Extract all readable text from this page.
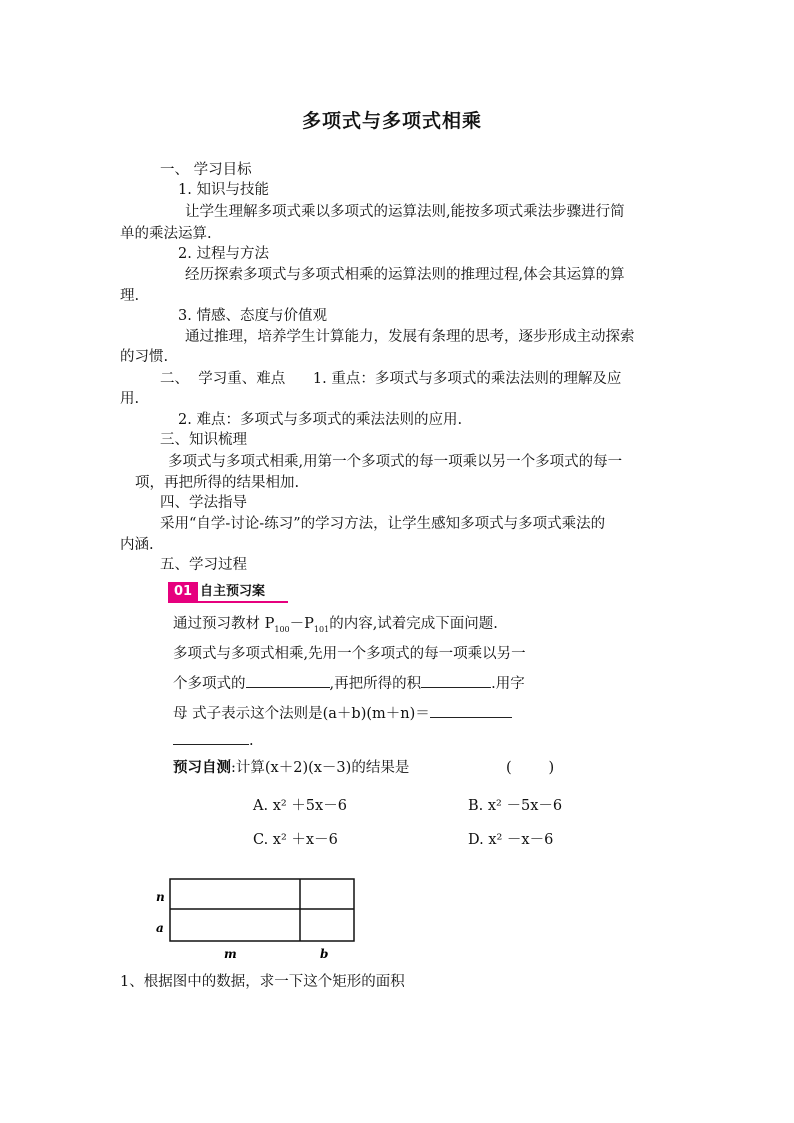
多项式与多项式相乘
一、 学习目标
1. 知识与技能
让学生理解多项式乘以多项式的运算法则,能按多项式乘法步骤进行简
单的乘法运算.
2. 过程与方法
经历探索多项式与多项式相乘的运算法则的推理过程,体会其运算的算
理.
3. 情感、态度与价值观
通过推理，培养学生计算能力，发展有条理的思考，逐步形成主动探索
的习惯.
二、  学习重、难点      1. 重点：多项式与多项式的乘法法则的理解及应
用.
2. 难点：多项式与多项式的乘法法则的应用.
三、知识梳理
多项式与多项式相乘,用第一个多项式的每一项乘以另一个多项式的每一
项，再把所得的结果相加.
四、学法指导
采用“自学-讨论-练习”的学习方法，让学生感知多项式与多项式乘法的
内涵.
五、学习过程
01 自主预习案
通过预习教材 $P_{100}-P_{101}$的内容,试着完成下面问题.
多项式与多项式相乘,先用一个多项式的每一项乘以另一
个多项式的	,再把所得的积	.用字
母 式子表示这个法则是(a＋b)(m＋n)＝
.
预习自测:计算(x＋2)(x－3)的结果是	(        )
A. x² ＋5x－6	B. x² －5x－6
C. x² ＋x－6	D. x² －x－6
n
a
m	b
1、根据图中的数据，求一下这个矩形的面积
